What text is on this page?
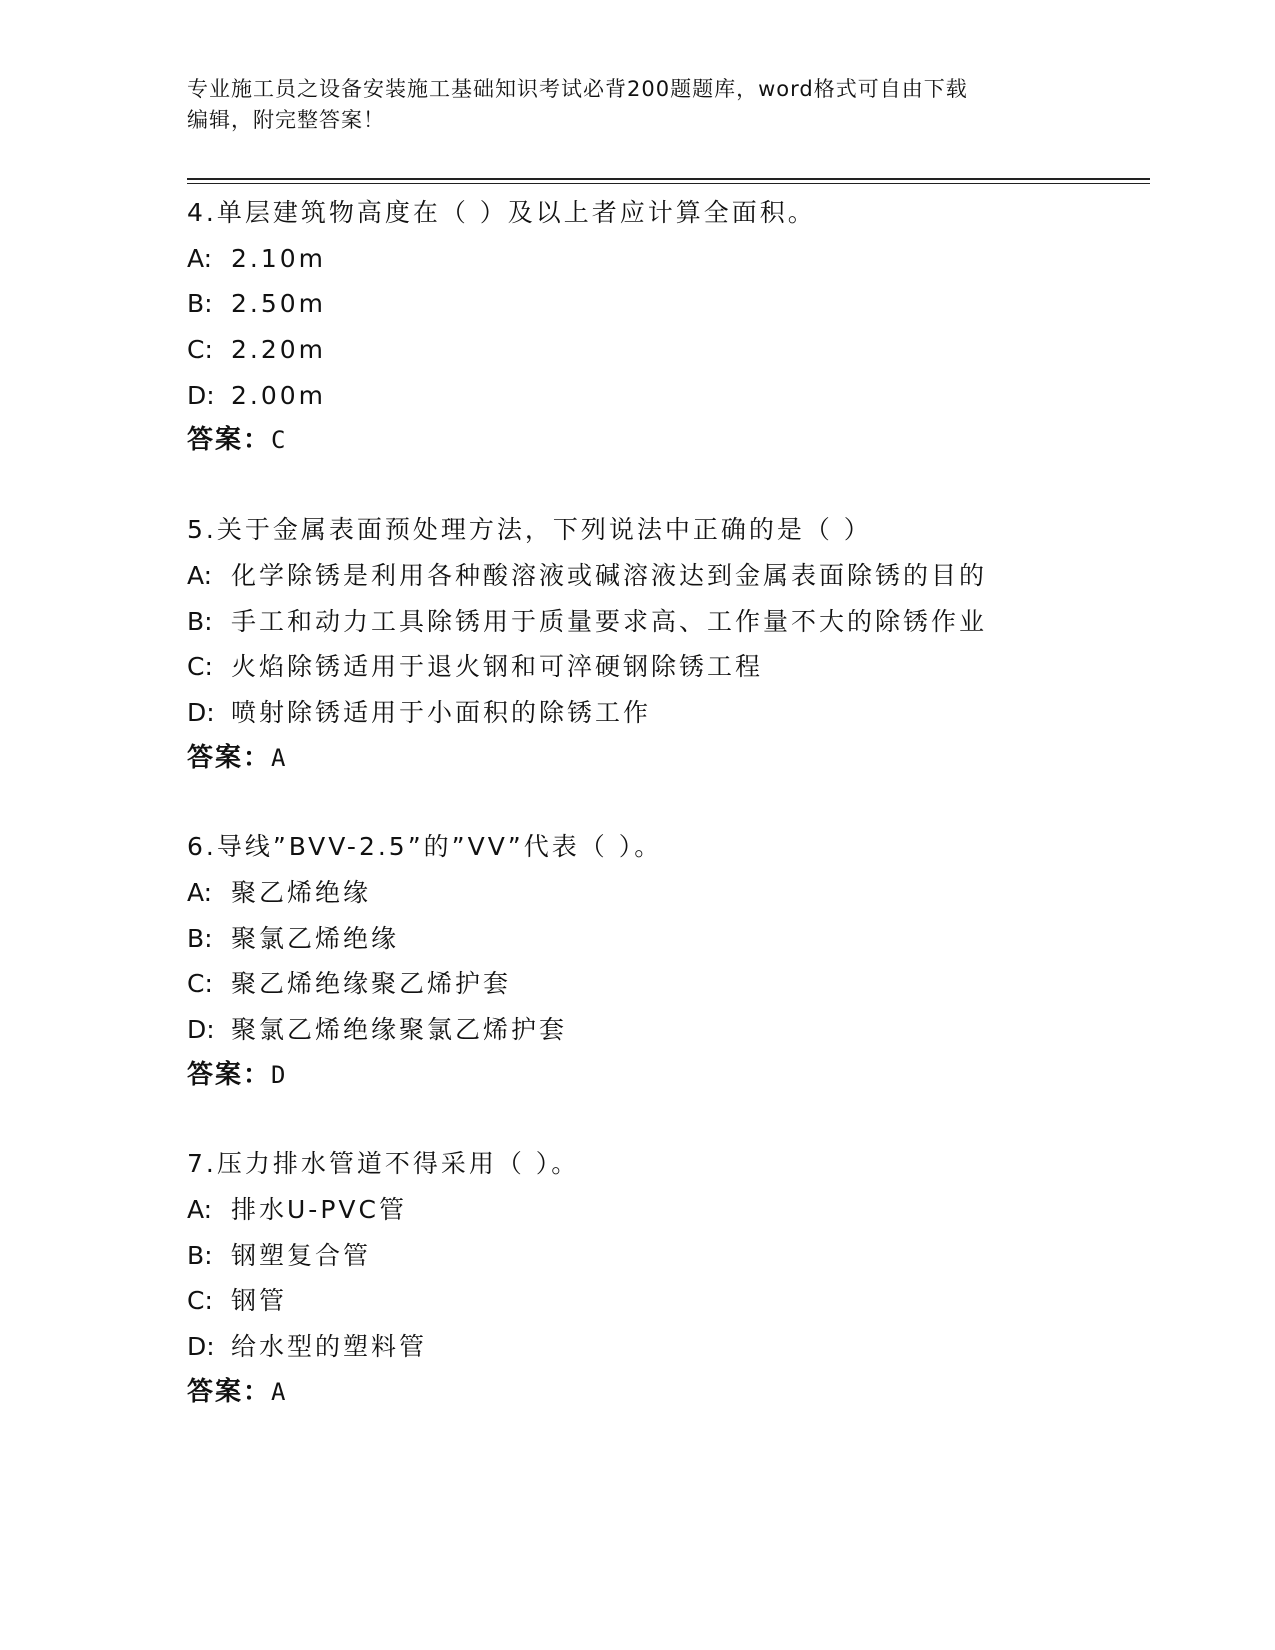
专业施工员之设备安装施工基础知识考试必背200题题库，word格式可自由下载
编辑，附完整答案！
4.单层建筑物高度在（ ）及以上者应计算全面积。
A: 2.10m
B: 2.50m
C: 2.20m
D: 2.00m
答案：C
5.关于金属表面预处理方法，下列说法中正确的是（ ）
A: 化学除锈是利用各种酸溶液或碱溶液达到金属表面除锈的目的
B: 手工和动力工具除锈用于质量要求高、工作量不大的除锈作业
C: 火焰除锈适用于退火钢和可淬硬钢除锈工程
D: 喷射除锈适用于小面积的除锈工作
答案：A
6.导线”BVV-2.5”的”VV”代表（ ）。
A: 聚乙烯绝缘
B: 聚氯乙烯绝缘
C: 聚乙烯绝缘聚乙烯护套
D: 聚氯乙烯绝缘聚氯乙烯护套
答案：D
7.压力排水管道不得采用（ ）。
A: 排水U-PVC管
B: 钢塑复合管
C: 钢管
D: 给水型的塑料管
答案：A
